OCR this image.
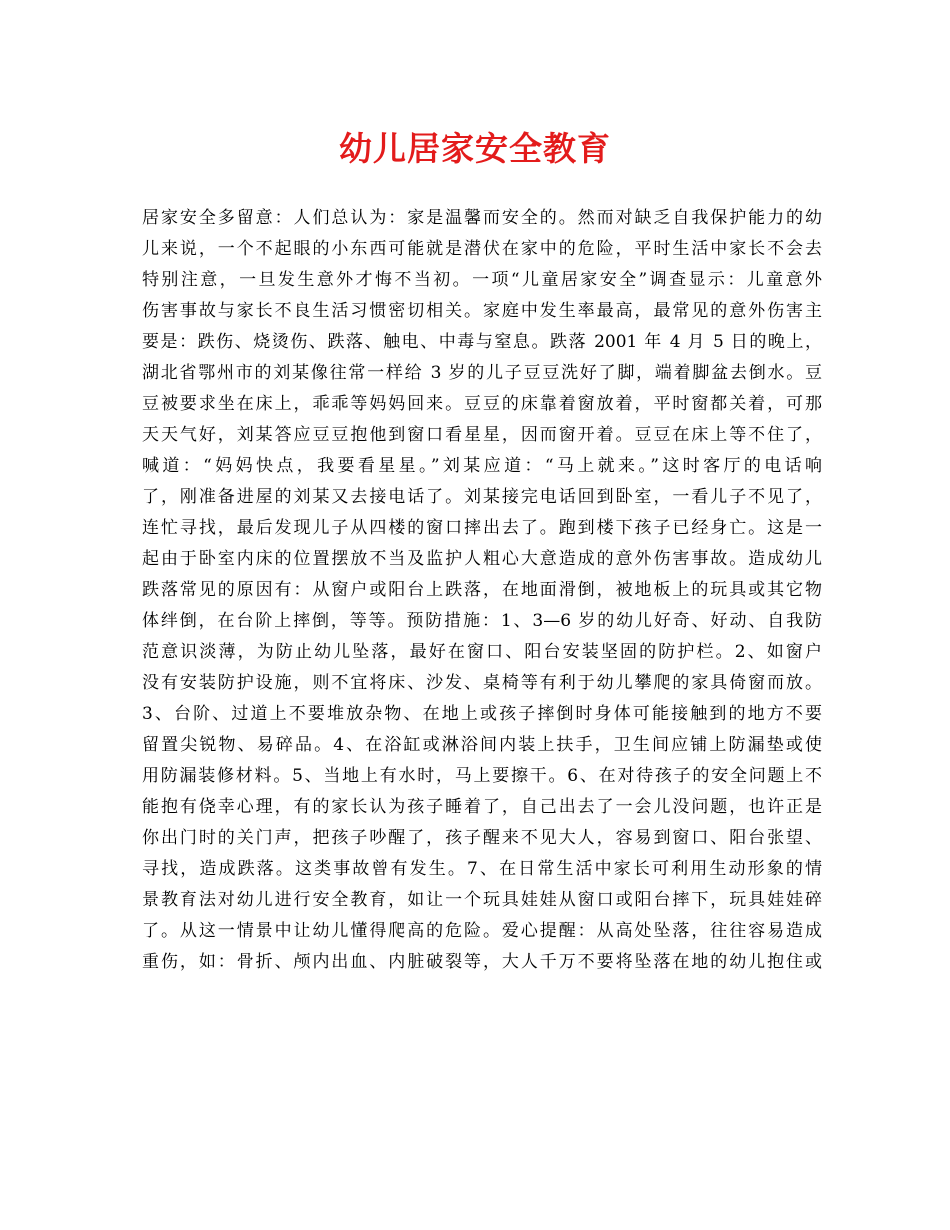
幼儿居家安全教育
居家安全多留意：人们总认为：家是温馨而安全的。然而对缺乏自我保护能力的幼
儿来说，一个不起眼的小东西可能就是潜伏在家中的危险，平时生活中家长不会去
特别注意，一旦发生意外才悔不当初。一项“儿童居家安全”调查显示：儿童意外
伤害事故与家长不良生活习惯密切相关。家庭中发生率最高，最常见的意外伤害主
要是：跌伤、烧烫伤、跌落、触电、中毒与窒息。跌落 2001 年 4 月 5 日的晚上，
湖北省鄂州市的刘某像往常一样给 3 岁的儿子豆豆洗好了脚，端着脚盆去倒水。豆
豆被要求坐在床上，乖乖等妈妈回来。豆豆的床靠着窗放着，平时窗都关着，可那
天天气好，刘某答应豆豆抱他到窗口看星星，因而窗开着。豆豆在床上等不住了，
喊道：“妈妈快点，我要看星星。”刘某应道：“马上就来。”这时客厅的电话响
了，刚准备进屋的刘某又去接电话了。刘某接完电话回到卧室，一看儿子不见了，
连忙寻找，最后发现儿子从四楼的窗口摔出去了。跑到楼下孩子已经身亡。这是一
起由于卧室内床的位置摆放不当及监护人粗心大意造成的意外伤害事故。造成幼儿
跌落常见的原因有：从窗户或阳台上跌落，在地面滑倒，被地板上的玩具或其它物
体绊倒，在台阶上摔倒，等等。预防措施：1、3—6 岁的幼儿好奇、好动、自我防
范意识淡薄，为防止幼儿坠落，最好在窗口、阳台安装坚固的防护栏。2、如窗户
没有安装防护设施，则不宜将床、沙发、桌椅等有利于幼儿攀爬的家具倚窗而放。
3、台阶、过道上不要堆放杂物、在地上或孩子摔倒时身体可能接触到的地方不要
留置尖锐物、易碎品。4、在浴缸或淋浴间内装上扶手，卫生间应铺上防漏垫或使
用防漏装修材料。5、当地上有水时，马上要擦干。6、在对待孩子的安全问题上不
能抱有侥幸心理，有的家长认为孩子睡着了，自己出去了一会儿没问题，也许正是
你出门时的关门声，把孩子吵醒了，孩子醒来不见大人，容易到窗口、阳台张望、
寻找，造成跌落。这类事故曾有发生。7、在日常生活中家长可利用生动形象的情
景教育法对幼儿进行安全教育，如让一个玩具娃娃从窗口或阳台摔下，玩具娃娃碎
了。从这一情景中让幼儿懂得爬高的危险。爱心提醒：从高处坠落，往往容易造成
重伤，如：骨折、颅内出血、内脏破裂等，大人千万不要将坠落在地的幼儿抱住或
